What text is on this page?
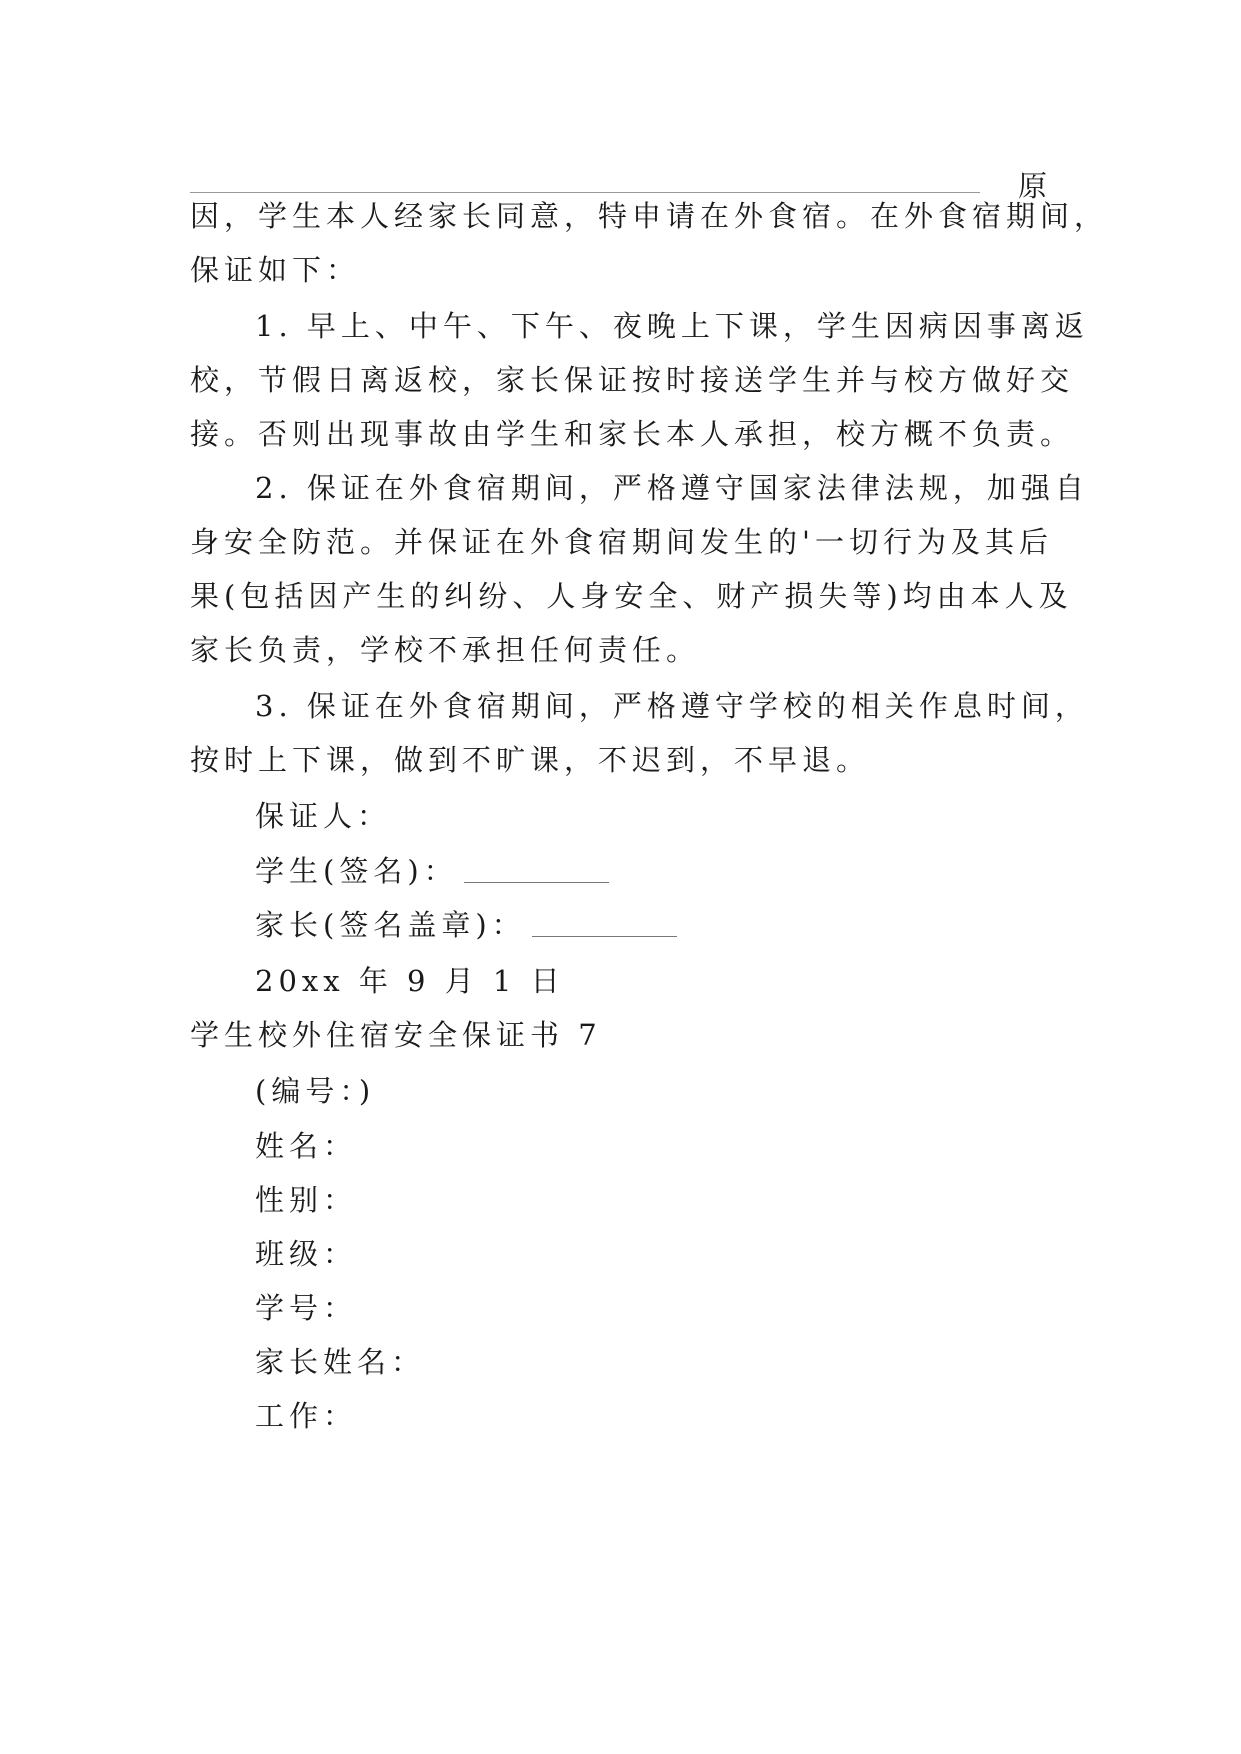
原
因，学生本人经家长同意，特申请在外食宿。在外食宿期间，
保证如下：
1. 早上、中午、下午、夜晚上下课，学生因病因事离返
校，节假日离返校，家长保证按时接送学生并与校方做好交
接。否则出现事故由学生和家长本人承担，校方概不负责。
2. 保证在外食宿期间，严格遵守国家法律法规，加强自
身安全防范。并保证在外食宿期间发生的'一切行为及其后
果(包括因产生的纠纷、人身安全、财产损失等)均由本人及
家长负责，学校不承担任何责任。
3. 保证在外食宿期间，严格遵守学校的相关作息时间，
按时上下课，做到不旷课，不迟到，不早退。
保证人：
学生(签名)：
家长(签名盖章)：
20xx 年 9 月 1 日
学生校外住宿安全保证书 7
(编号：)
姓名：
性别：
班级：
学号：
家长姓名：
工作：
